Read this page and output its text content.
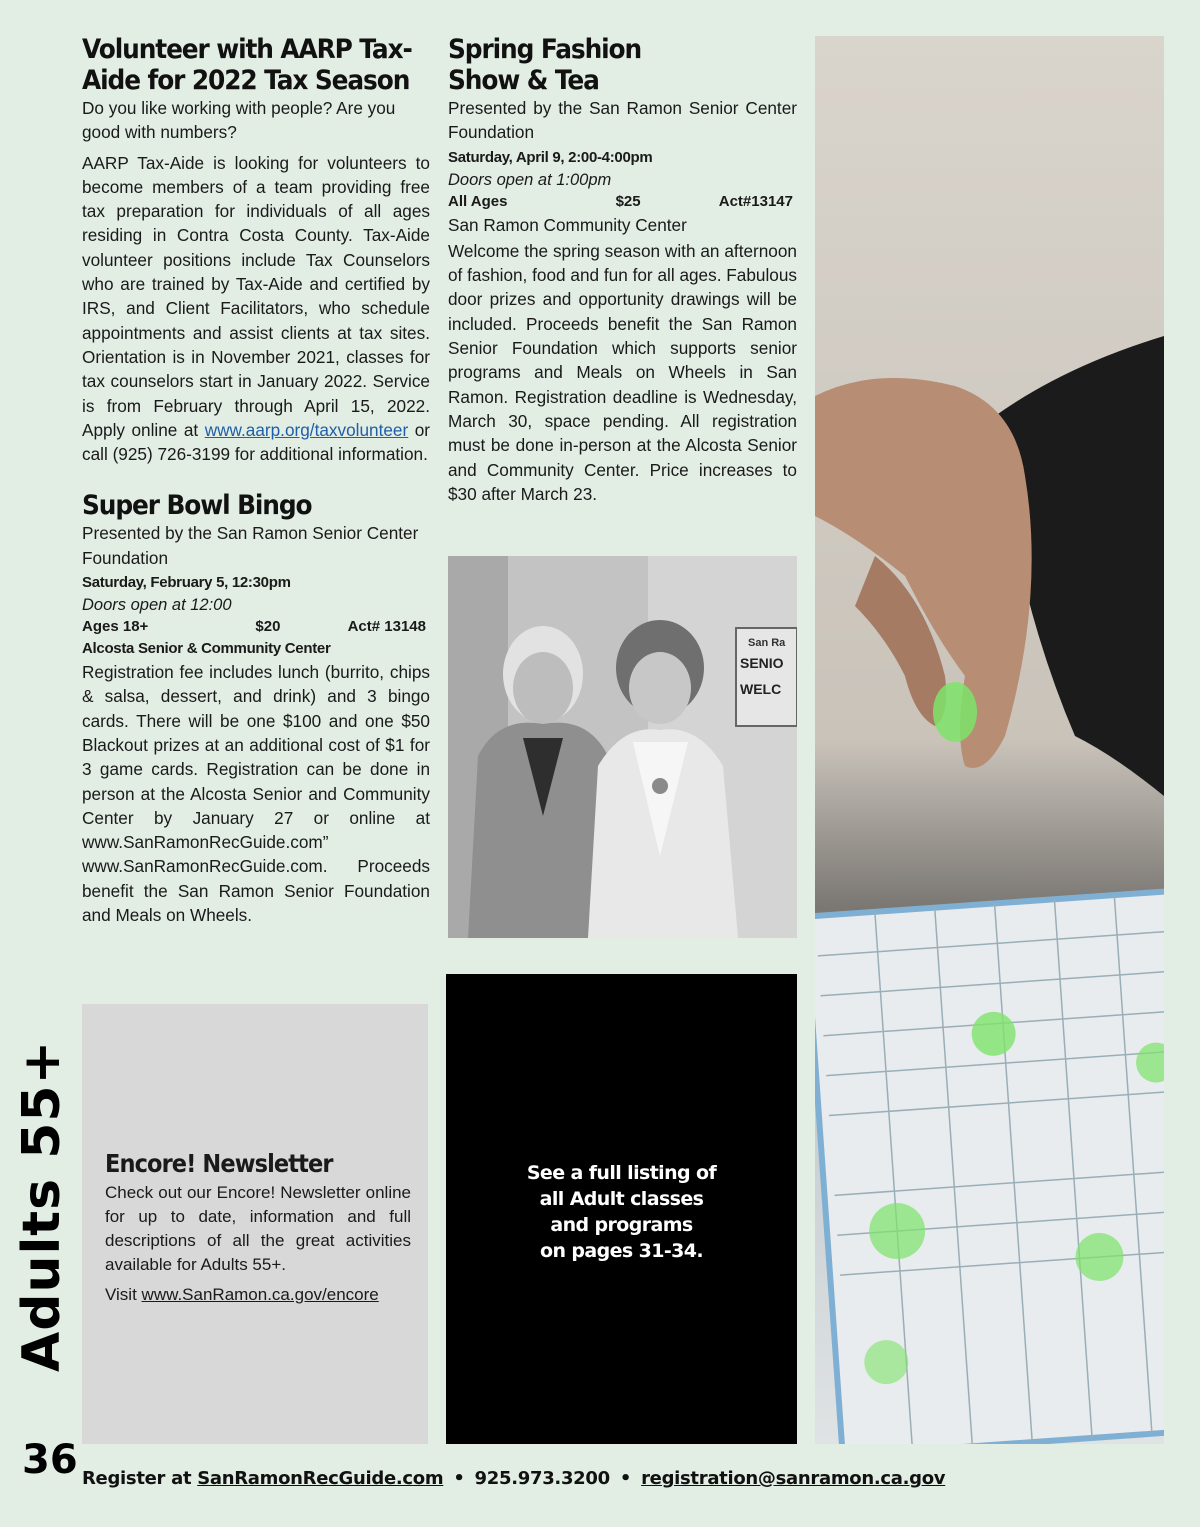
Volunteer with AARP Tax-Aide for 2022 Tax Season

Do you like working with people? Are you good with numbers?

AARP Tax-Aide is looking for volunteers to become members of a team providing free tax preparation for individuals of all ages residing in Contra Costa County. Tax-Aide volunteer positions include Tax Counselors who are trained by Tax-Aide and certified by IRS, and Client Facilitators, who schedule appointments and assist clients at tax sites. Orientation is in November 2021, classes for tax counselors start in January 2022. Service is from February through April 15, 2022. Apply online at www.aarp.org/taxvolunteer or call (925) 726-3199 for additional information.

Super Bowl Bingo

Presented by the San Ramon Senior Center Foundation

Saturday, February 5, 12:30pm
Doors open at 12:00
Ages 18+	$20	Act# 13148
Alcosta Senior & Community Center

Registration fee includes lunch (burrito, chips & salsa, dessert, and drink) and 3 bingo cards. There will be one $100 and one $50 Blackout prizes at an additional cost of $1 for 3 game cards. Registration can be done in person at the Alcosta Senior and Community Center by January 27 or online at www.SanRamonRecGuide.com” www.SanRamonRecGuide.com. Proceeds benefit the San Ramon Senior Foundation and Meals on Wheels.

Spring Fashion
Show & Tea

Presented by the San Ramon Senior Center Foundation

Saturday, April 9, 2:00-4:00pm
Doors open at 1:00pm
All Ages	$25	Act#13147

San Ramon Community Center

Welcome the spring season with an afternoon of fashion, food and fun for all ages. Fabulous door prizes and opportunity drawings will be included. Proceeds benefit the San Ramon Senior Foundation which supports senior programs and Meals on Wheels in San Ramon. Registration deadline is Wednesday, March 30, space pending. All registration must be done in-person at the Alcosta Senior and Community Center. Price increases to $30 after March 23.

San Ra
SENIO
WELC
Encore! Newsletter

Check out our Encore! Newsletter online for up to date, information and full descriptions of all the great activities available for Adults 55+.

Visit www.SanRamon.ca.gov/encore

See a full listing of
all Adult classes
and programs
on pages 31-34.
Adults 55+
36 Register at SanRamonRecGuide.com • 925.973.3200 • registration@sanramon.ca.gov
